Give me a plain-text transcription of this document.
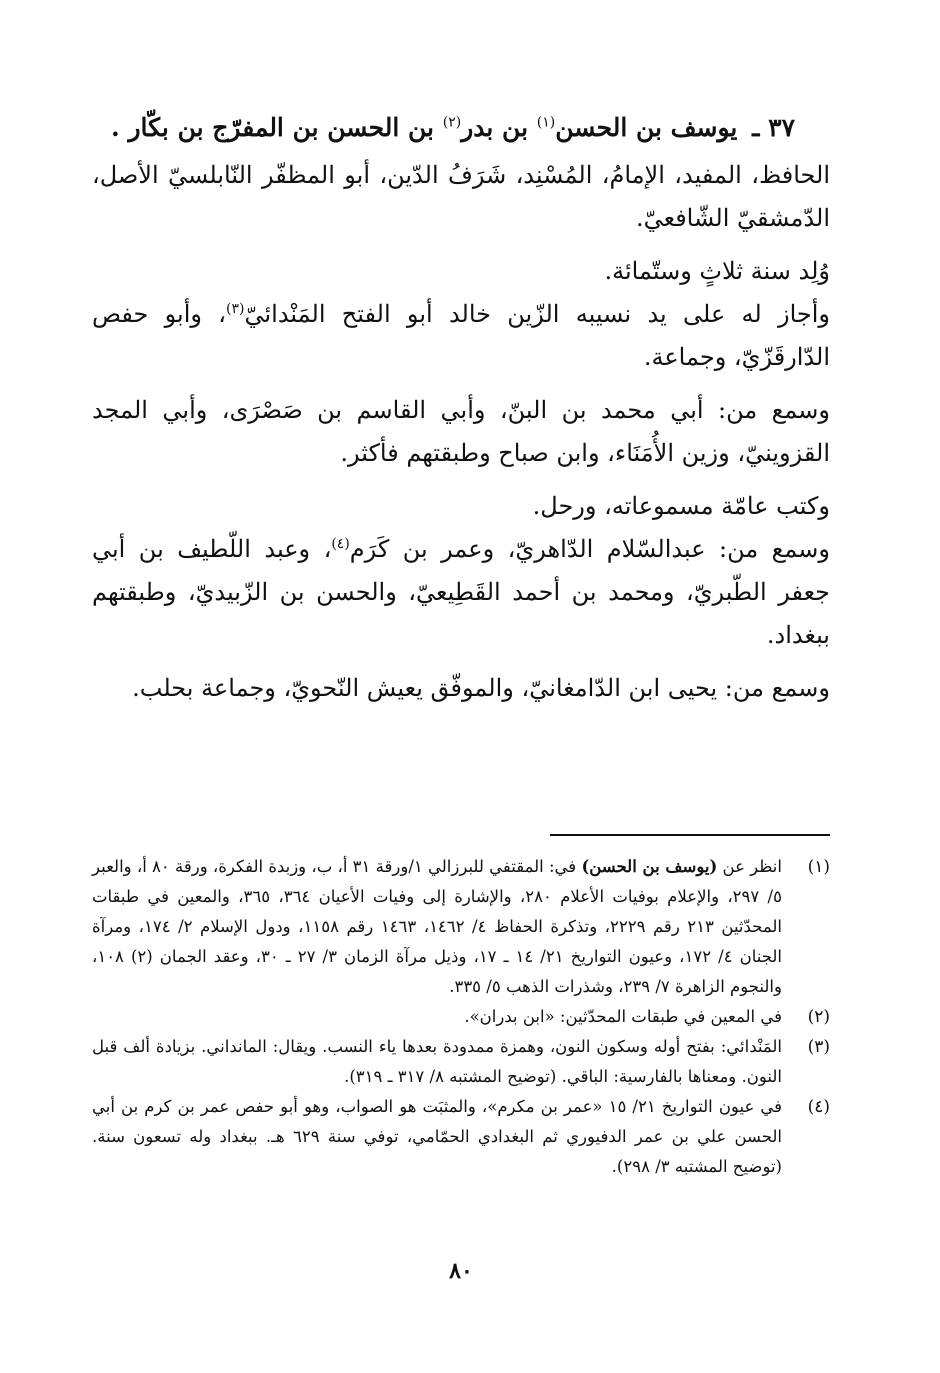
٣٧ ـ يوسف بن الحسن$^{(١)}$ بن بدر$^{(٢)}$ بن الحسن بن المفرّج بن بكّار .

الحافظ، المفيد، الإمامُ، المُسْنِد، شَرَفُ الدّين، أبو المظفّر النّابلسيّ الأصل، الدّمشقيّ الشّافعيّ.

وُلِد سنة ثلاثٍ وستّمائة.

وأجاز له على يد نسيبه الزّين خالد أبو الفتح المَنْدائيّ$^{(٣)}$، وأبو حفص الدّارقَزّيّ، وجماعة.

وسمع من: أبي محمد بن البنّ، وأبي القاسم بن صَصْرَى، وأبي المجد القزوينيّ، وزين الأُمَنَاء، وابن صباح وطبقتهم فأكثر.

وكتب عامّة مسموعاته، ورحل.

وسمع من: عبدالسّلام الدّاهريّ، وعمر بن كَرَم$^{(٤)}$، وعبد اللّطيف بن أبي جعفر الطّبريّ، ومحمد بن أحمد القَطِيعيّ، والحسن بن الزّبيديّ، وطبقتهم ببغداد.

وسمع من: يحيى ابن الدّامغانيّ، والموفّق يعيش النّحويّ، وجماعة بحلب.

(١)
انظر عن (يوسف بن الحسن) في: المقتفي للبرزالي ١/ورقة ٣١ أ، ب، وزبدة الفكرة، ورقة ٨٠ أ، والعبر ٥/ ٢٩٧، والإعلام بوفيات الأعلام ٢٨٠، والإشارة إلى وفيات الأعيان ٣٦٤، ٣٦٥، والمعين في طبقات المحدّثين ٢١٣ رقم ٢٢٢٩، وتذكرة الحفاظ ٤/ ١٤٦٢، ١٤٦٣ رقم ١١٥٨، ودول الإسلام ٢/ ١٧٤، ومرآة الجنان ٤/ ١٧٢، وعيون التواريخ ٢١/ ١٤ ـ ١٧، وذيل مرآة الزمان ٣/ ٢٧ ـ ٣٠، وعقد الجمان (٢) ١٠٨، والنجوم الزاهرة ٧/ ٢٣٩، وشذرات الذهب ٥/ ٣٣٥.
(٢)
في المعين في طبقات المحدّثين: «ابن بدران».
(٣)
المَنْدائي: بفتح أوله وسكون النون، وهمزة ممدودة بعدها ياء النسب. ويقال: المانداني. بزيادة ألف قبل النون. ومعناها بالفارسية: الباقي. (توضيح المشتبه ٨/ ٣١٧ ـ ٣١٩).
(٤)
في عيون التواريخ ٢١/ ١٥ «عمر بن مكرم»، والمثبَت هو الصواب، وهو أبو حفص عمر بن كرم بن أبي الحسن علي بن عمر الدفيوري ثم البغدادي الحمّامي، توفي سنة ٦٢٩ هـ. ببغداد وله تسعون سنة. (توضيح المشتبه ٣/ ٢٩٨).
٨٠
